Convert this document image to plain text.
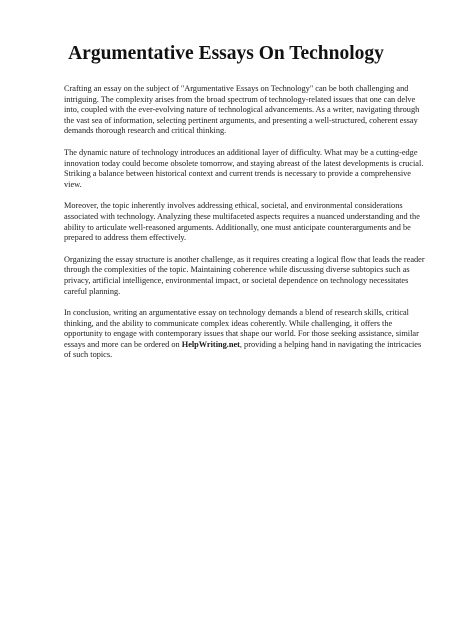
Argumentative Essays On Technology

Crafting an essay on the subject of "Argumentative Essays on Technology" can be both challenging and intriguing. The complexity arises from the broad spectrum of technology-related issues that one can delve into, coupled with the ever-evolving nature of technological advancements. As a writer, navigating through the vast sea of information, selecting pertinent arguments, and presenting a well-structured, coherent essay demands thorough research and critical thinking.

The dynamic nature of technology introduces an additional layer of difficulty. What may be a cutting-edge innovation today could become obsolete tomorrow, and staying abreast of the latest developments is crucial. Striking a balance between historical context and current trends is necessary to provide a comprehensive view.

Moreover, the topic inherently involves addressing ethical, societal, and environmental considerations associated with technology. Analyzing these multifaceted aspects requires a nuanced understanding and the ability to articulate well-reasoned arguments. Additionally, one must anticipate counterarguments and be prepared to address them effectively.

Organizing the essay structure is another challenge, as it requires creating a logical flow that leads the reader through the complexities of the topic. Maintaining coherence while discussing diverse subtopics such as privacy, artificial intelligence, environmental impact, or societal dependence on technology necessitates careful planning.

In conclusion, writing an argumentative essay on technology demands a blend of research skills, critical thinking, and the ability to communicate complex ideas coherently. While challenging, it offers the opportunity to engage with contemporary issues that shape our world. For those seeking assistance, similar essays and more can be ordered on HelpWriting.net, providing a helping hand in navigating the intricacies of such topics.
